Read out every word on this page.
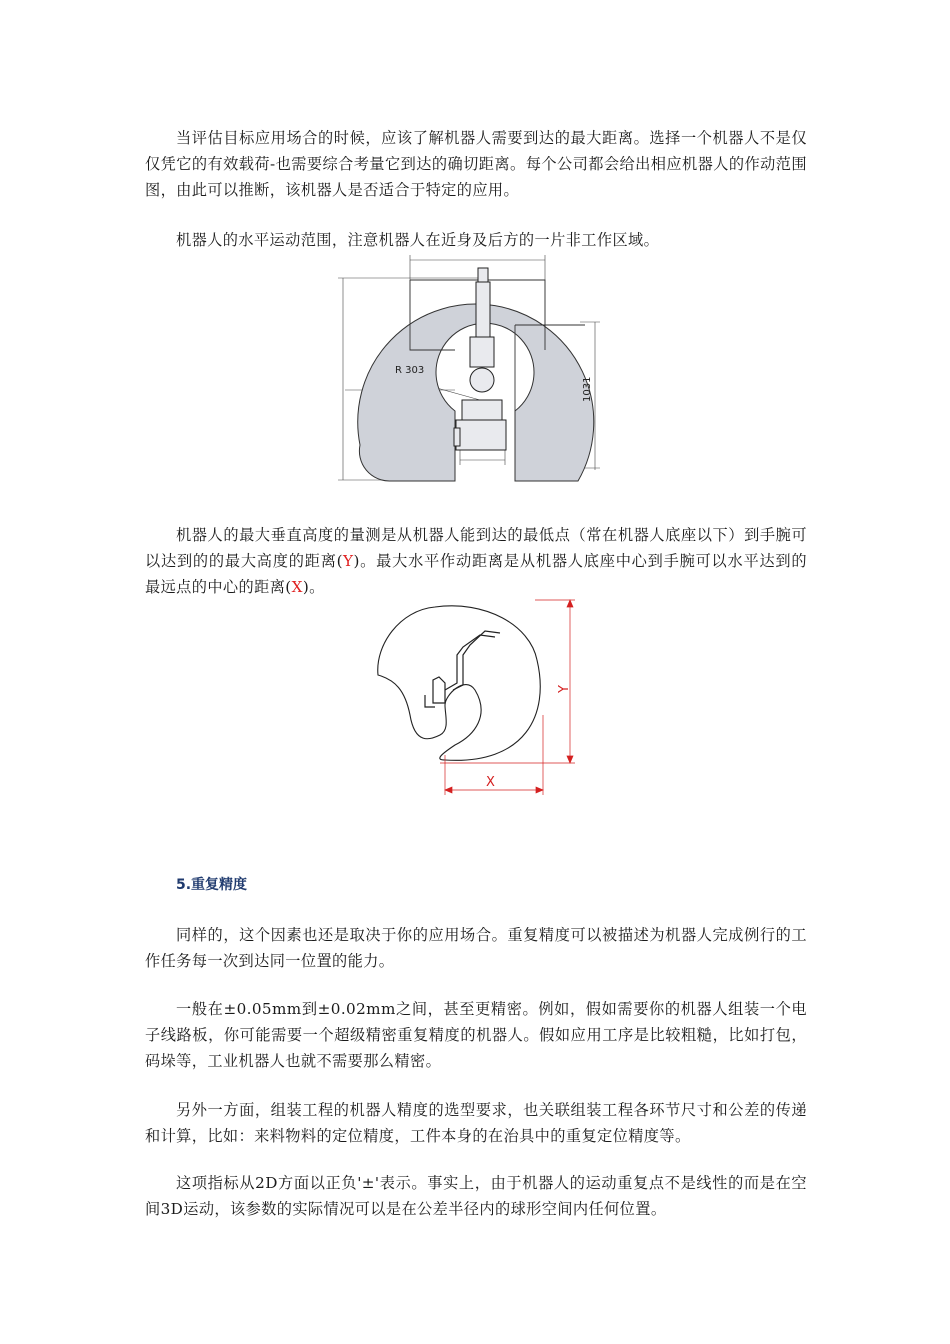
当评估目标应用场合的时候，应该了解机器人需要到达的最大距离。选择一个机器人不是仅仅凭它的有效载荷-也需要综合考量它到达的确切距离。每个公司都会给出相应机器人的作动范围图，由此可以推断，该机器人是否适合于特定的应用。

机器人的水平运动范围，注意机器人在近身及后方的一片非工作区域。

R 303
1031

机器人的最大垂直高度的量测是从机器人能到达的最低点（常在机器人底座以下）到手腕可以达到的的最大高度的距离(Y)。最大水平作动距离是从机器人底座中心到手腕可以水平达到的最远点的中心的距离(X)。

Y
X
5.重复精度

同样的，这个因素也还是取决于你的应用场合。重复精度可以被描述为机器人完成例行的工作任务每一次到达同一位置的能力。

一般在±0.05mm到±0.02mm之间，甚至更精密。例如，假如需要你的机器人组装一个电子线路板，你可能需要一个超级精密重复精度的机器人。假如应用工序是比较粗糙，比如打包，码垛等，工业机器人也就不需要那么精密。

另外一方面，组装工程的机器人精度的选型要求，也关联组装工程各环节尺寸和公差的传递和计算，比如：来料物料的定位精度，工件本身的在治具中的重复定位精度等。

这项指标从2D方面以正负'±'表示。事实上，由于机器人的运动重复点不是线性的而是在空间3D运动，该参数的实际情况可以是在公差半径内的球形空间内任何位置。
